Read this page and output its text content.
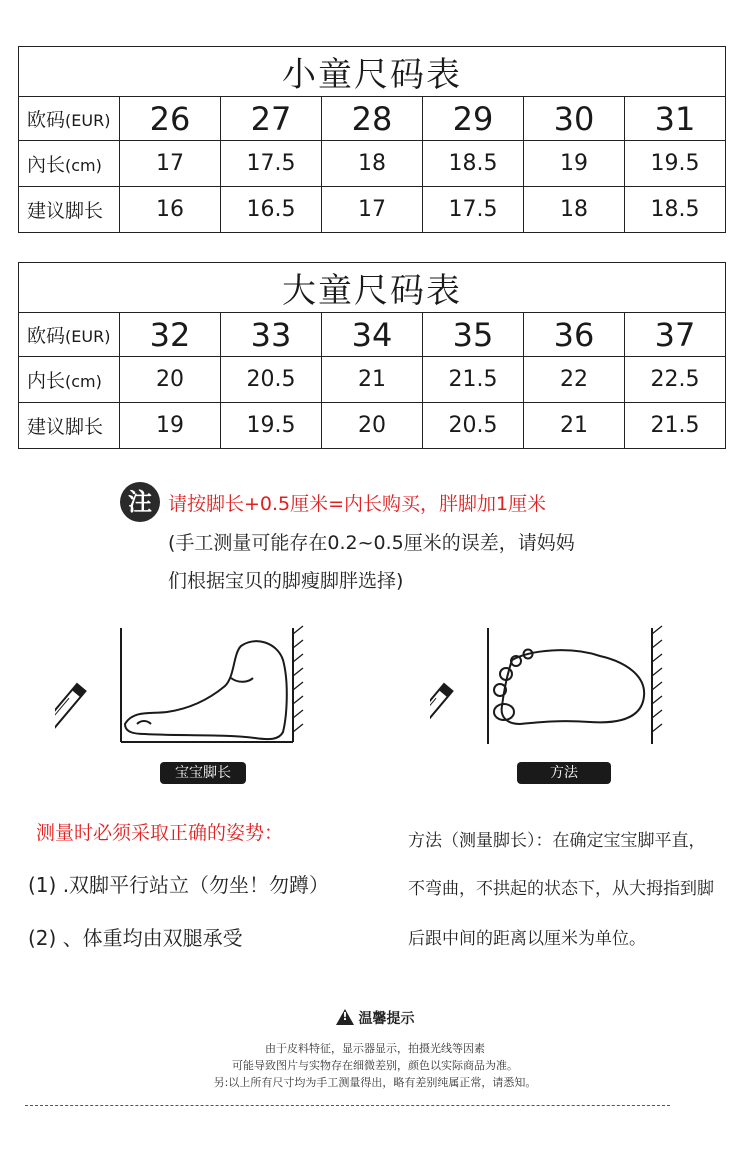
小童尺码表						
欧码(EUR)	26	27	28	29	30	31
內长(cm)	17	17.5	18	18.5	19	19.5
建议脚长	16	16.5	17	17.5	18	18.5
大童尺码表						
欧码(EUR)	32	33	34	35	36	37
内长(cm)	20	20.5	21	21.5	22	22.5
建议脚长	19	19.5	20	20.5	21	21.5
注 请按脚长+0.5厘米=内长购买，胖脚加1厘米
(手工测量可能存在0.2~0.5厘米的误差，请妈妈
们根据宝贝的脚瘦脚胖选择)
宝宝脚长	方法
测量时必须采取正确的姿势：
(1) .双脚平行站立（勿坐！勿蹲）
(2) 、体重均由双腿承受
方法（测量脚长）：在确定宝宝脚平直，
不弯曲，不拱起的状态下，从大拇指到脚
后跟中间的距离以厘米为单位。
!温馨提示
由于皮料特征，显示器显示，拍摄光线等因素
可能导致图片与实物存在细微差别，颜色以实际商品为准。
另:以上所有尺寸均为手工测量得出，略有差别纯属正常，请悉知。
